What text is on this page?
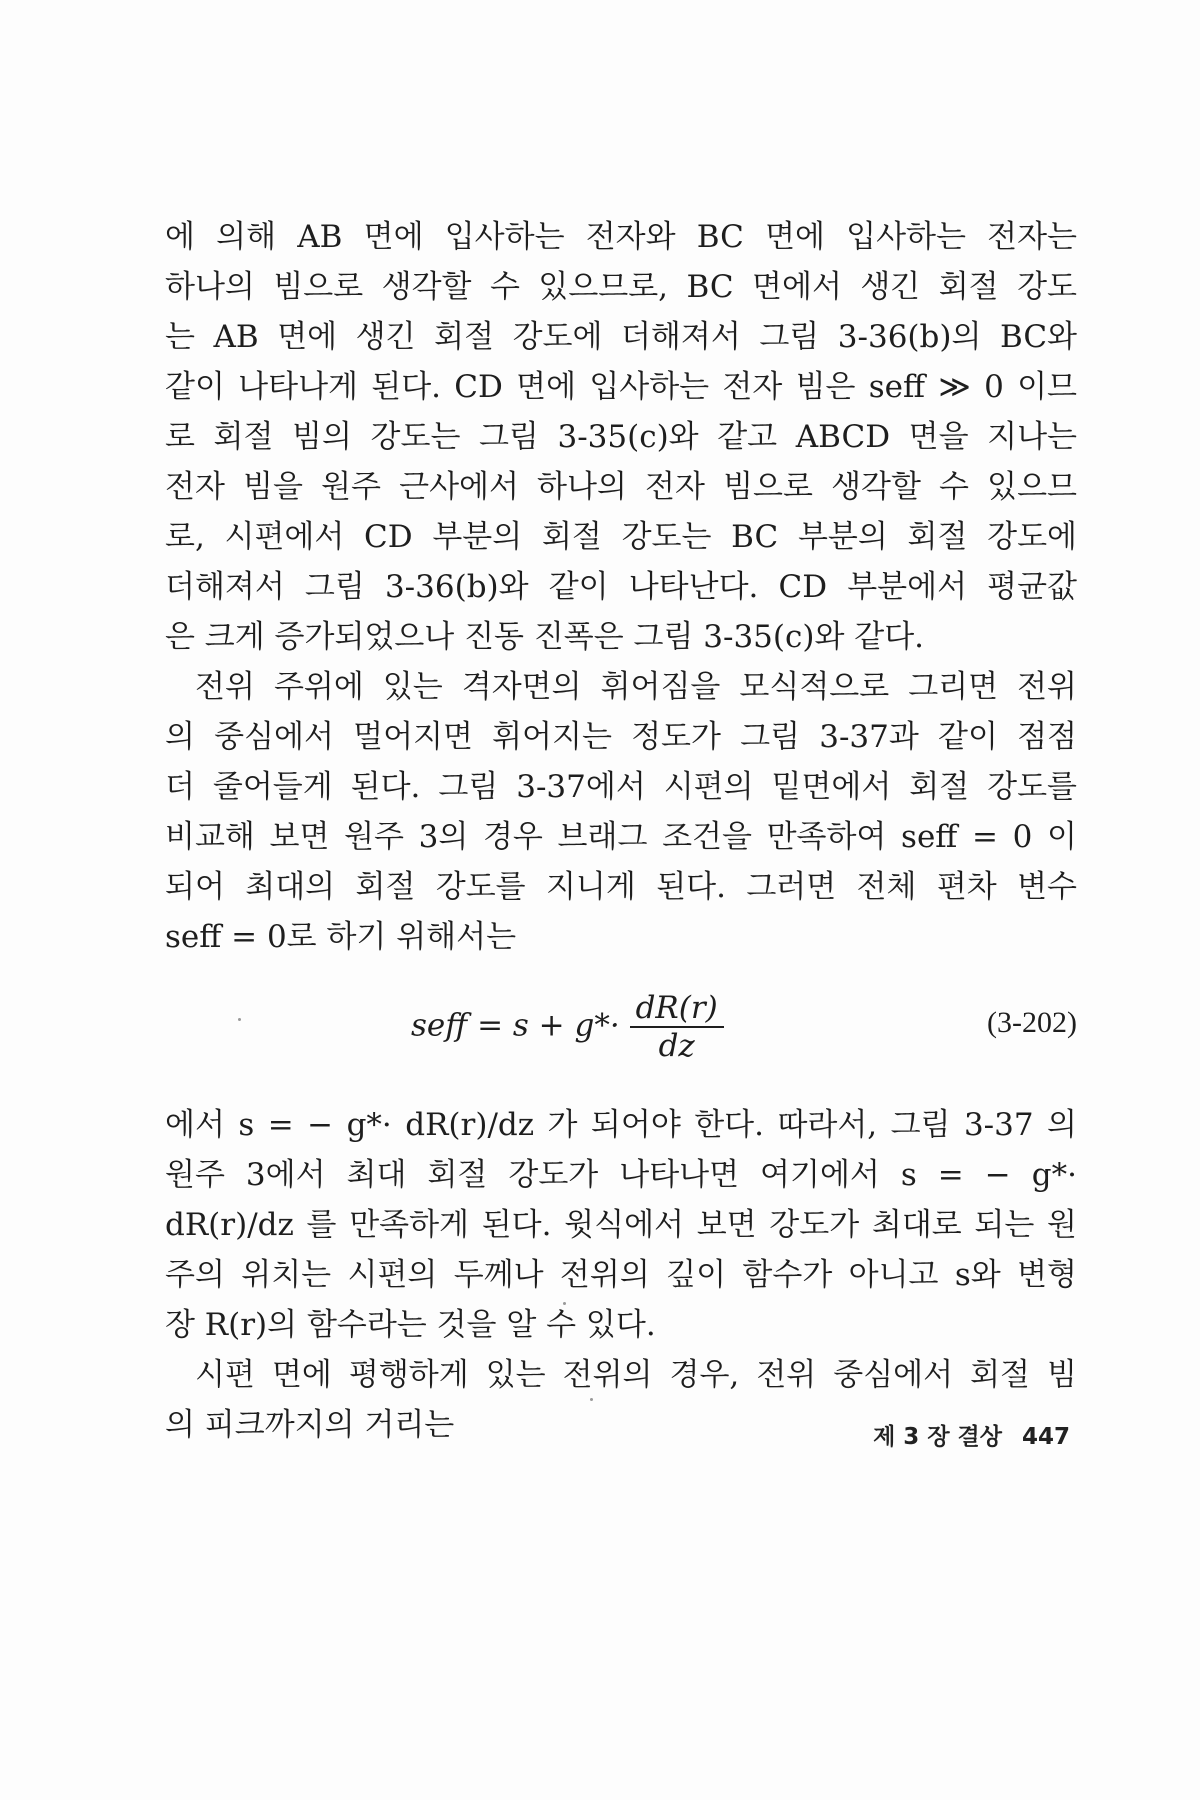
에 의해 AB 면에 입사하는 전자와 BC 면에 입사하는 전자는
하나의 빔으로 생각할 수 있으므로, BC 면에서 생긴 회절 강도
는 AB 면에 생긴 회절 강도에 더해져서 그림 3-36(b)의 BC와
같이 나타나게 된다. CD 면에 입사하는 전자 빔은 seff ≫ 0 이므
로 회절 빔의 강도는 그림 3-35(c)와 같고 ABCD 면을 지나는
전자 빔을 원주 근사에서 하나의 전자 빔으로 생각할 수 있으므
로, 시편에서 CD 부분의 회절 강도는 BC 부분의 회절 강도에
더해져서 그림 3-36(b)와 같이 나타난다. CD 부분에서 평균값
은 크게 증가되었으나 진동 진폭은 그림 3-35(c)와 같다.
전위 주위에 있는 격자면의 휘어짐을 모식적으로 그리면 전위
의 중심에서 멀어지면 휘어지는 정도가 그림 3-37과 같이 점점
더 줄어들게 된다. 그림 3-37에서 시편의 밑면에서 회절 강도를
비교해 보면 원주 3의 경우 브래그 조건을 만족하여 seff = 0 이
되어 최대의 회절 강도를 지니게 된다. 그러면 전체 편차 변수
seff = 0로 하기 위해서는
seff = $s + g*\cdot \frac{dR(r)}{dz}$	(3-202)
에서 s = − g*· dR(r)/dz 가 되어야 한다. 따라서, 그림 3-37 의
원주 3에서 최대 회절 강도가 나타나면 여기에서 s = − g*·
dR(r)/dz 를 만족하게 된다. 윗식에서 보면 강도가 최대로 되는 원
주의 위치는 시편의 두께나 전위의 깊이 함수가 아니고 s와 변형
장 R(r)의 함수라는 것을 알 수 있다.
시편 면에 평행하게 있는 전위의 경우, 전위 중심에서 회절 빔
의 피크까지의 거리는	제 3 장 결상 447
